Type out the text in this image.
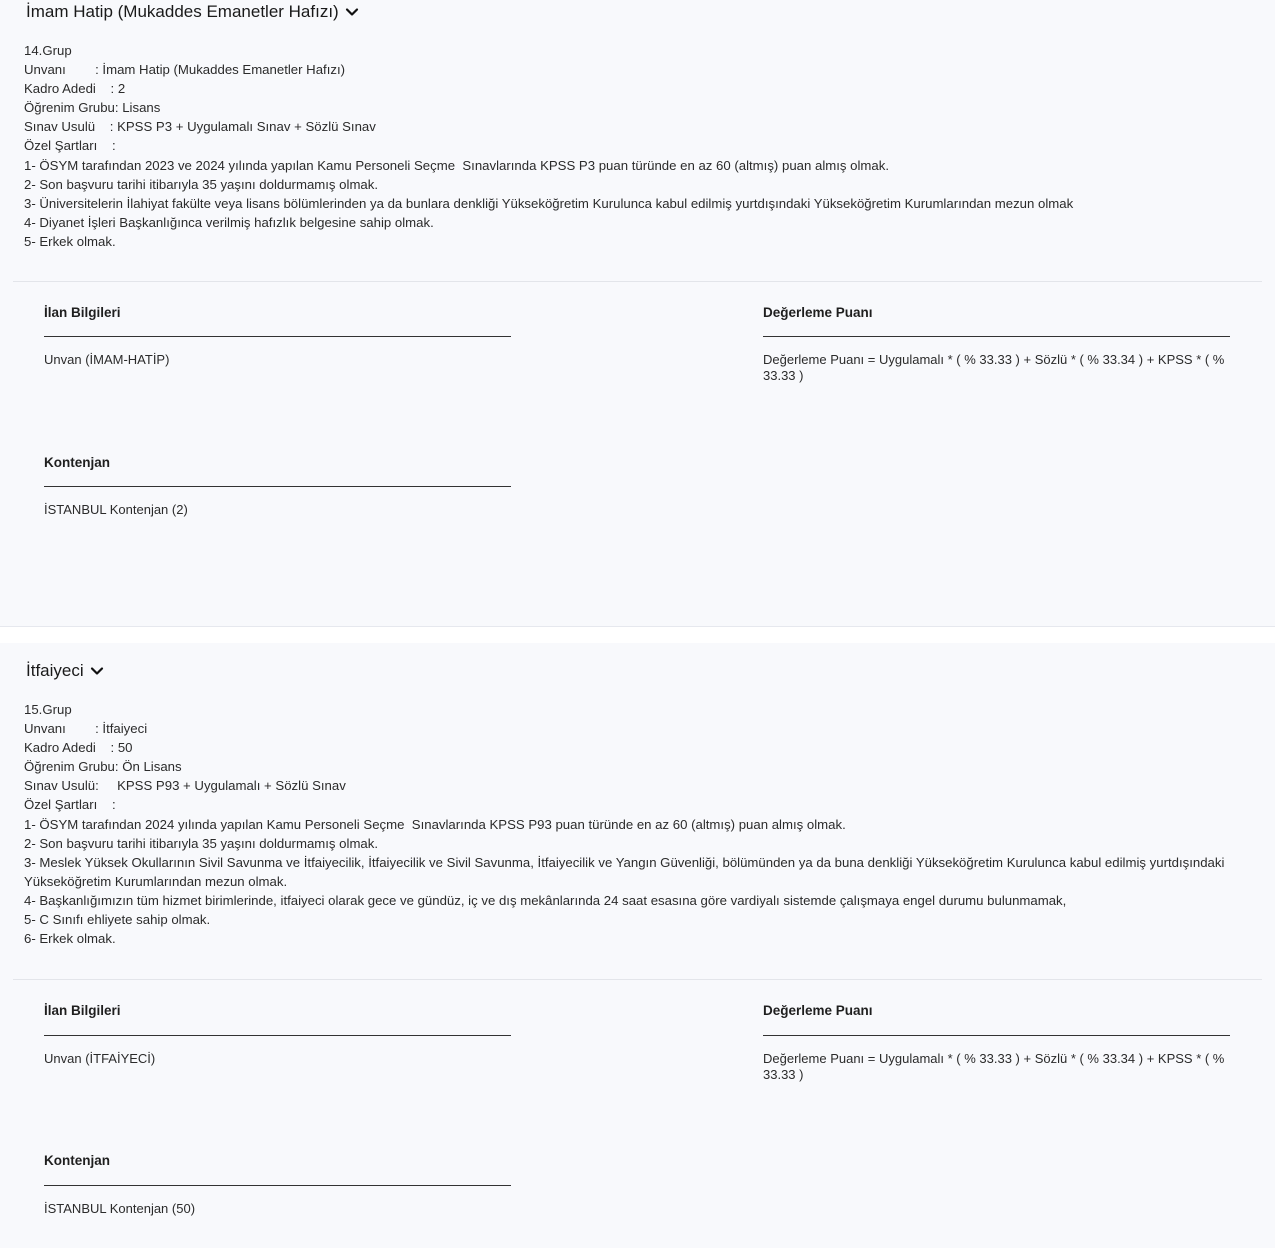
İmam Hatip (Mukaddes Emanetler Hafızı)
14.Grup
Unvanı        : İmam Hatip (Mukaddes Emanetler Hafızı)
Kadro Adedi    : 2
Öğrenim Grubu: Lisans
Sınav Usulü    : KPSS P3 + Uygulamalı Sınav + Sözlü Sınav
Özel Şartları    :
1- ÖSYM tarafından 2023 ve 2024 yılında yapılan Kamu Personeli Seçme  Sınavlarında KPSS P3 puan türünde en az 60 (altmış) puan almış olmak.
2- Son başvuru tarihi itibarıyla 35 yaşını doldurmamış olmak.
3- Üniversitelerin İlahiyat fakülte veya lisans bölümlerinden ya da bunlara denkliği Yükseköğretim Kurulunca kabul edilmiş yurtdışındaki Yükseköğretim Kurumlarından mezun olmak
4- Diyanet İşleri Başkanlığınca verilmiş hafızlık belgesine sahip olmak.
5- Erkek olmak.
İlan Bilgileri
Unvan (İMAM-HATİP)
Değerleme Puanı
Değerleme Puanı = Uygulamalı * ( % 33.33 ) + Sözlü * ( % 33.34 ) + KPSS * ( % 33.33 )
Kontenjan
İSTANBUL Kontenjan (2)
İtfaiyeci
15.Grup
Unvanı        : İtfaiyeci
Kadro Adedi    : 50
Öğrenim Grubu: Ön Lisans
Sınav Usulü:     KPSS P93 + Uygulamalı + Sözlü Sınav
Özel Şartları    :
1- ÖSYM tarafından 2024 yılında yapılan Kamu Personeli Seçme  Sınavlarında KPSS P93 puan türünde en az 60 (altmış) puan almış olmak.
2- Son başvuru tarihi itibarıyla 35 yaşını doldurmamış olmak.
3- Meslek Yüksek Okullarının Sivil Savunma ve İtfaiyecilik, İtfaiyecilik ve Sivil Savunma, İtfaiyecilik ve Yangın Güvenliği, bölümünden ya da buna denkliği Yükseköğretim Kurulunca kabul edilmiş yurtdışındaki Yükseköğretim Kurumlarından mezun olmak.
4- Başkanlığımızın tüm hizmet birimlerinde, itfaiyeci olarak gece ve gündüz, iç ve dış mekânlarında 24 saat esasına göre vardiyalı sistemde çalışmaya engel durumu bulunmamak,
5- C Sınıfı ehliyete sahip olmak.
6- Erkek olmak.
İlan Bilgileri
Unvan (İTFAİYECİ)
Değerleme Puanı
Değerleme Puanı = Uygulamalı * ( % 33.33 ) + Sözlü * ( % 33.34 ) + KPSS * ( % 33.33 )
Kontenjan
İSTANBUL Kontenjan (50)
